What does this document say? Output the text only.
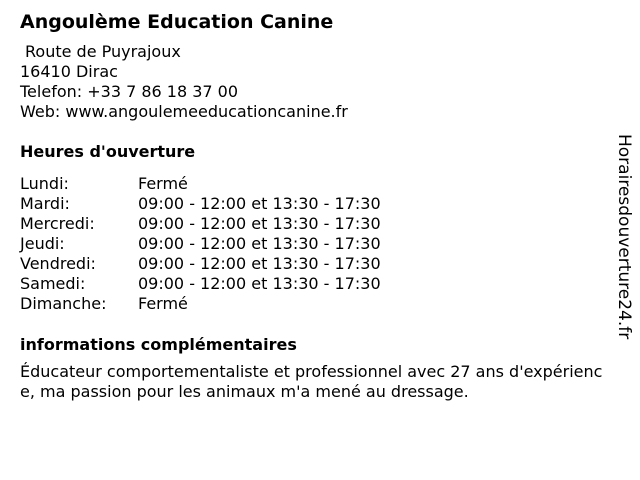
Angoulème Education Canine
Route de Puyrajoux
16410 Dirac
Telefon: +33 7 86 18 37 00
Web: www.angoulemeeducationcanine.fr
Heures d'ouverture
Lundi:	Fermé
Mardi:	09:00 - 12:00 et 13:30 - 17:30
Mercredi:	09:00 - 12:00 et 13:30 - 17:30
Jeudi:	09:00 - 12:00 et 13:30 - 17:30
Vendredi:	09:00 - 12:00 et 13:30 - 17:30
Samedi:	09:00 - 12:00 et 13:30 - 17:30
Dimanche:	Fermé
informations complémentaires

Éducateur comportementaliste et professionnel avec 27 ans d'expérience, ma passion pour les animaux m'a mené au dressage.

Horairesdouverture24.fr
